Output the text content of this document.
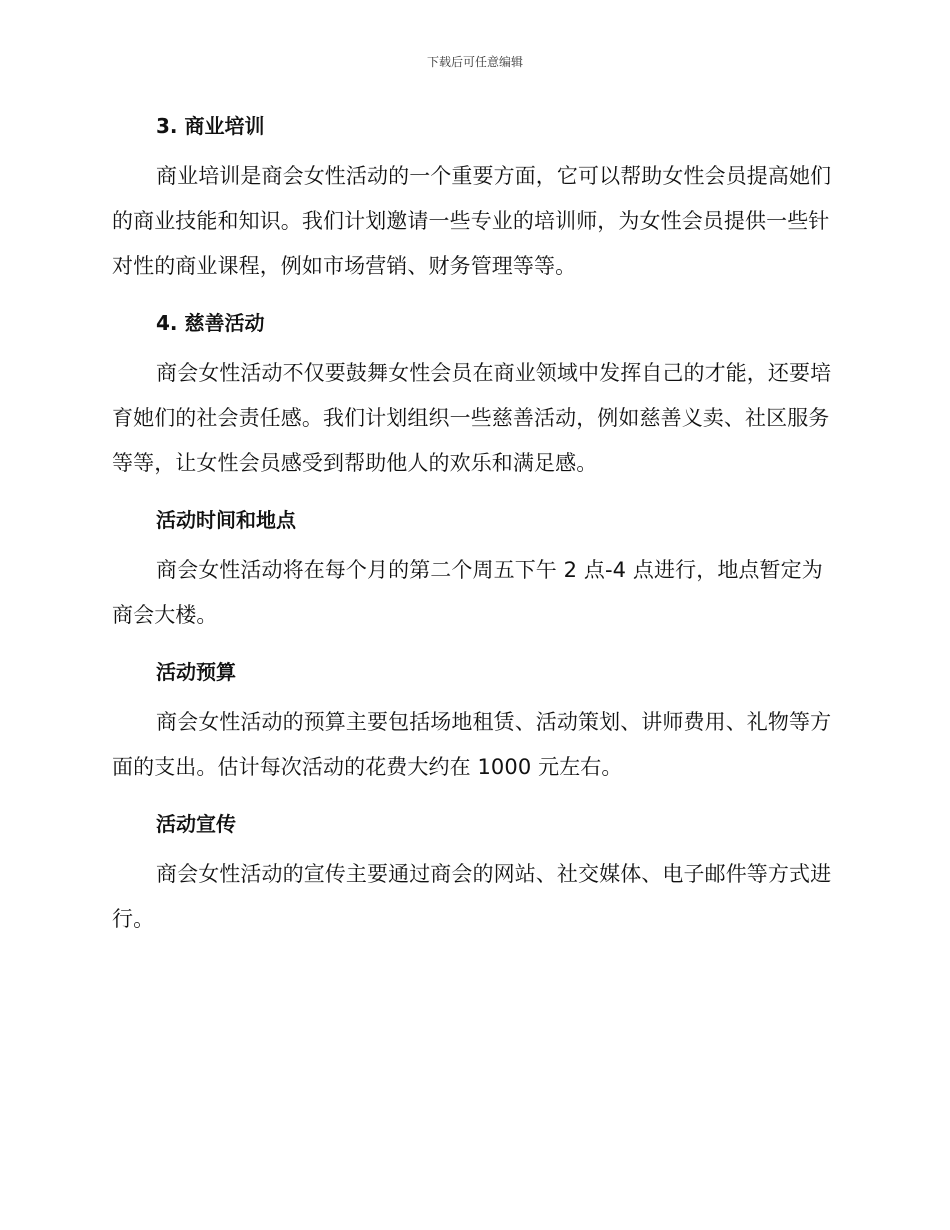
下载后可任意编辑
3. 商业培训

商业培训是商会女性活动的一个重要方面，它可以帮助女性会员提高她们的商业技能和知识。我们计划邀请一些专业的培训师，为女性会员提供一些针对性的商业课程，例如市场营销、财务管理等等。

4. 慈善活动

商会女性活动不仅要鼓舞女性会员在商业领域中发挥自己的才能，还要培育她们的社会责任感。我们计划组织一些慈善活动，例如慈善义卖、社区服务等等，让女性会员感受到帮助他人的欢乐和满足感。

活动时间和地点

商会女性活动将在每个月的第二个周五下午 2 点-4 点进行，地点暂定为商会大楼。

活动预算

商会女性活动的预算主要包括场地租赁、活动策划、讲师费用、礼物等方面的支出。估计每次活动的花费大约在 1000 元左右。

活动宣传

商会女性活动的宣传主要通过商会的网站、社交媒体、电子邮件等方式进行。
